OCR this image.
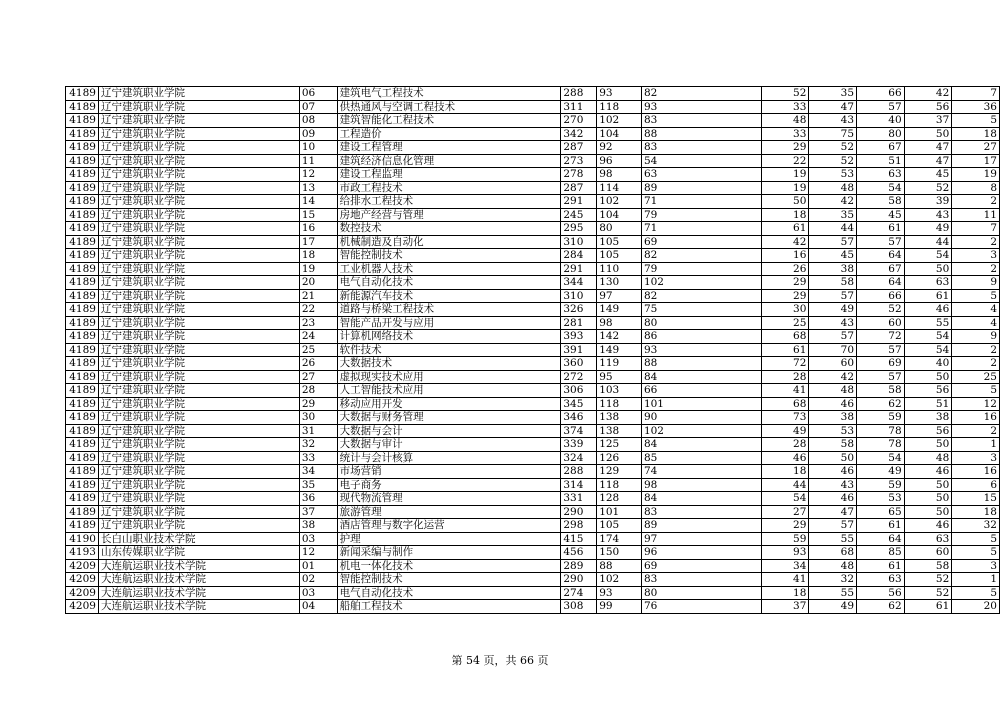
4189	辽宁建筑职业学院	06	建筑电气工程技术	288	93	82	52	35	66	42	7
4189	辽宁建筑职业学院	07	供热通风与空调工程技术	311	118	93	33	47	57	56	36
4189	辽宁建筑职业学院	08	建筑智能化工程技术	270	102	83	48	43	40	37	5
4189	辽宁建筑职业学院	09	工程造价	342	104	88	33	75	80	50	18
4189	辽宁建筑职业学院	10	建设工程管理	287	92	83	29	52	67	47	27
4189	辽宁建筑职业学院	11	建筑经济信息化管理	273	96	54	22	52	51	47	17
4189	辽宁建筑职业学院	12	建设工程监理	278	98	63	19	53	63	45	19
4189	辽宁建筑职业学院	13	市政工程技术	287	114	89	19	48	54	52	8
4189	辽宁建筑职业学院	14	给排水工程技术	291	102	71	50	42	58	39	2
4189	辽宁建筑职业学院	15	房地产经营与管理	245	104	79	18	35	45	43	11
4189	辽宁建筑职业学院	16	数控技术	295	80	71	61	44	61	49	7
4189	辽宁建筑职业学院	17	机械制造及自动化	310	105	69	42	57	57	44	2
4189	辽宁建筑职业学院	18	智能控制技术	284	105	82	16	45	64	54	3
4189	辽宁建筑职业学院	19	工业机器人技术	291	110	79	26	38	67	50	2
4189	辽宁建筑职业学院	20	电气自动化技术	344	130	102	29	58	64	63	9
4189	辽宁建筑职业学院	21	新能源汽车技术	310	97	82	29	57	66	61	5
4189	辽宁建筑职业学院	22	道路与桥梁工程技术	326	149	75	30	49	52	46	4
4189	辽宁建筑职业学院	23	智能产品开发与应用	281	98	80	25	43	60	55	4
4189	辽宁建筑职业学院	24	计算机网络技术	393	142	86	68	57	72	54	9
4189	辽宁建筑职业学院	25	软件技术	391	149	93	61	70	57	54	2
4189	辽宁建筑职业学院	26	大数据技术	360	119	88	72	60	69	40	2
4189	辽宁建筑职业学院	27	虚拟现实技术应用	272	95	84	28	42	57	50	25
4189	辽宁建筑职业学院	28	人工智能技术应用	306	103	66	41	48	58	56	5
4189	辽宁建筑职业学院	29	移动应用开发	345	118	101	68	46	62	51	12
4189	辽宁建筑职业学院	30	大数据与财务管理	346	138	90	73	38	59	38	16
4189	辽宁建筑职业学院	31	大数据与会计	374	138	102	49	53	78	56	2
4189	辽宁建筑职业学院	32	大数据与审计	339	125	84	28	58	78	50	1
4189	辽宁建筑职业学院	33	统计与会计核算	324	126	85	46	50	54	48	3
4189	辽宁建筑职业学院	34	市场营销	288	129	74	18	46	49	46	16
4189	辽宁建筑职业学院	35	电子商务	314	118	98	44	43	59	50	6
4189	辽宁建筑职业学院	36	现代物流管理	331	128	84	54	46	53	50	15
4189	辽宁建筑职业学院	37	旅游管理	290	101	83	27	47	65	50	18
4189	辽宁建筑职业学院	38	酒店管理与数字化运营	298	105	89	29	57	61	46	32
4190	长白山职业技术学院	03	护理	415	174	97	59	55	64	63	5
4193	山东传媒职业学院	12	新闻采编与制作	456	150	96	93	68	85	60	5
4209	大连航运职业技术学院	01	机电一体化技术	289	88	69	34	48	61	58	3
4209	大连航运职业技术学院	02	智能控制技术	290	102	83	41	32	63	52	1
4209	大连航运职业技术学院	03	电气自动化技术	274	93	80	18	55	56	52	5
4209	大连航运职业技术学院	04	船舶工程技术	308	99	76	37	49	62	61	20
第 54 页，共 66 页
